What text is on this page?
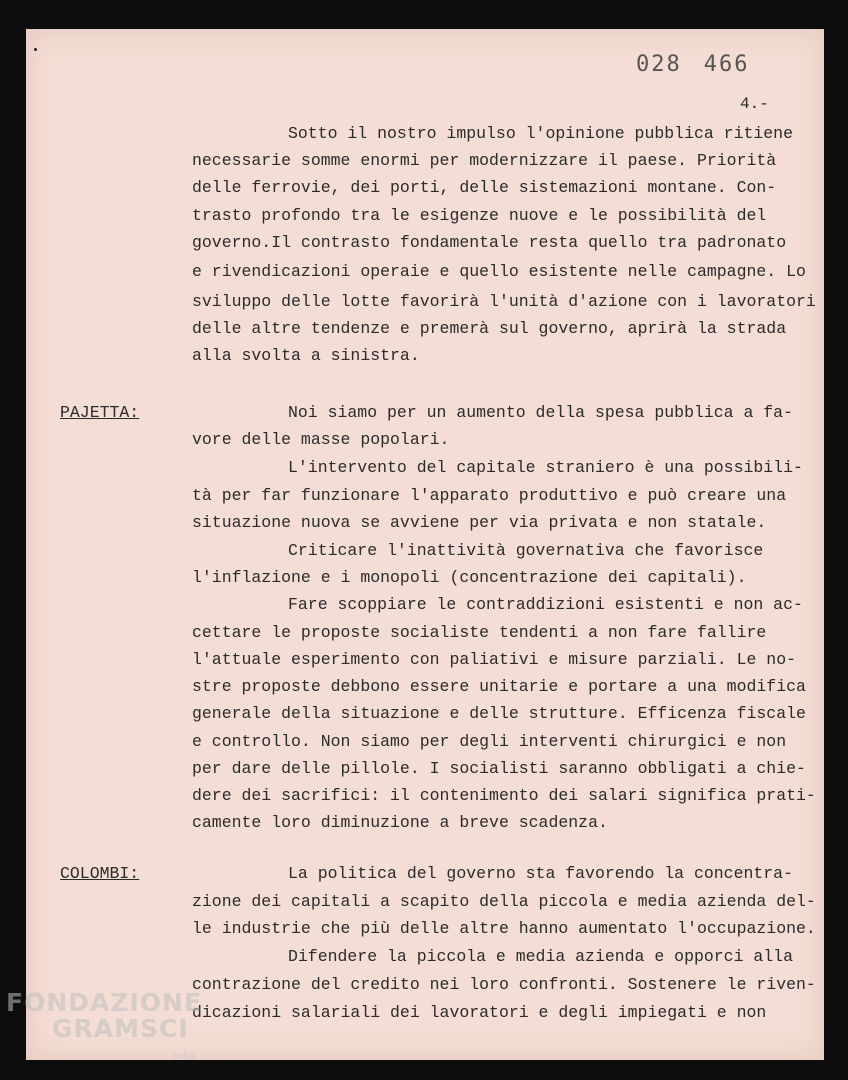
028 466
4.-
Sotto il nostro impulso l'opinione pubblica ritiene
necessarie somme enormi per modernizzare il paese. Priorità
delle ferrovie, dei porti, delle sistemazioni montane. Con-
trasto profondo tra le esigenze nuove e le possibilità del
governo.Il contrasto fondamentale resta quello tra padronato
e rivendicazioni operaie e quello esistente nelle campagne. Lo
sviluppo delle lotte favorirà l'unità d'azione con i lavoratori
delle altre tendenze e premerà sul governo, aprirà la strada
alla svolta a sinistra.
PAJETTA:	Noi siamo per un aumento della spesa pubblica a fa-
vore delle masse popolari.
L'intervento del capitale straniero è una possibili-
tà per far funzionare l'apparato produttivo e può creare una
situazione nuova se avviene per via privata e non statale.
Criticare l'inattività governativa che favorisce
l'inflazione e i monopoli (concentrazione dei capitali).
Fare scoppiare le contraddizioni esistenti e non ac-
cettare le proposte socialiste tendenti a non fare fallire
l'attuale esperimento con paliativi e misure parziali. Le no-
stre proposte debbono essere unitarie e portare a una modifica
generale della situazione e delle strutture. Efficenza fiscale
e controllo. Non siamo per degli interventi chirurgici e non
per dare delle pillole. I socialisti saranno obbligati a chie-
dere dei sacrifici: il contenimento dei salari significa prati-
camente loro diminuzione a breve scadenza.
COLOMBI:	La politica del governo sta favorendo la concentra-
zione dei capitali a scapito della piccola e media azienda del-
le industrie che più delle altre hanno aumentato l'occupazione.
Difendere la piccola e media azienda e opporci alla
contrazione del credito nei loro confronti. Sostenere le riven-
dicazioni salariali dei lavoratori e degli impiegati e non
FONDAZIONE
GRAMSCI
onlus
